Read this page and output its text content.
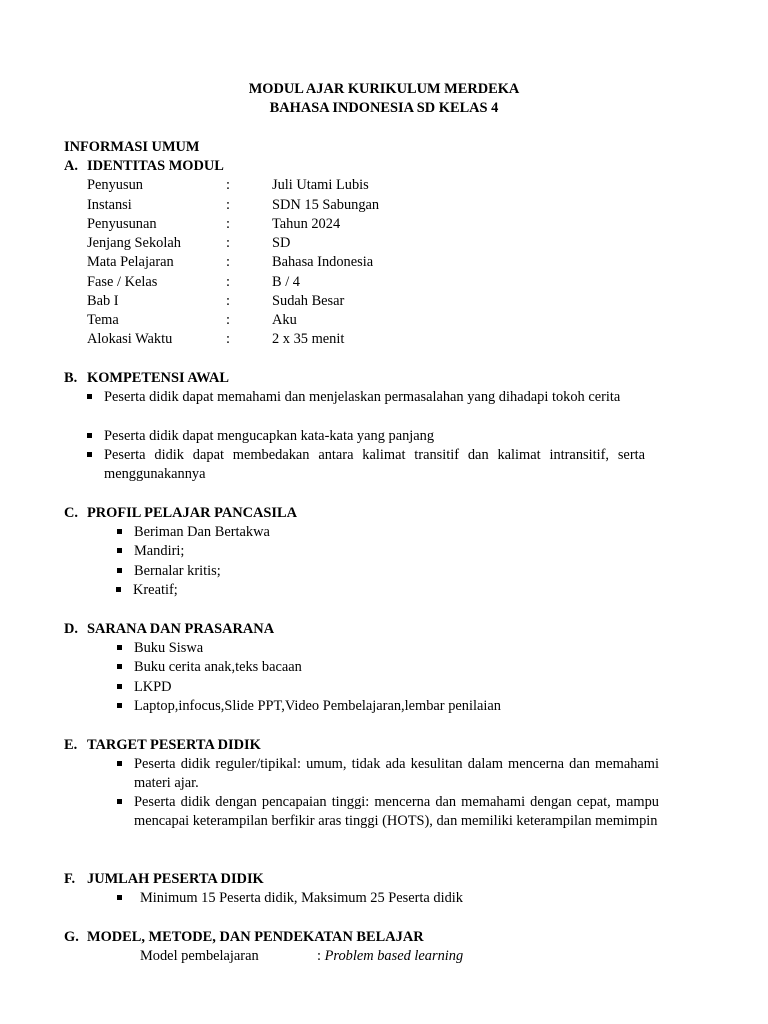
MODUL AJAR KURIKULUM MERDEKA
BAHASA INDONESIA SD KELAS 4
INFORMASI UMUM
A. IDENTITAS MODUL
Penyusun	:	Juli Utami Lubis
Instansi	:	SDN 15 Sabungan
Penyusunan	:	Tahun 2024
Jenjang Sekolah	:	SD
Mata Pelajaran	:	Bahasa Indonesia
Fase / Kelas	:	B / 4
Bab I	:	Sudah Besar
Tema	:	Aku
Alokasi Waktu	:	2 x 35 menit
B. KOMPETENSI AWAL
Peserta didik dapat memahami dan menjelaskan permasalahan yang dihadapi tokoh cerita
Peserta didik dapat mengucapkan kata-kata yang panjang
Peserta didik dapat membedakan antara kalimat transitif dan kalimat intransitif, serta menggunakannya
C. PROFIL PELAJAR PANCASILA
Beriman Dan Bertakwa
Mandiri;
Bernalar kritis;
Kreatif;
D. SARANA DAN PRASARANA
Buku Siswa
Buku cerita anak,teks bacaan
LKPD
Laptop,infocus,Slide PPT,Video Pembelajaran,lembar penilaian
E. TARGET PESERTA DIDIK
Peserta didik reguler/tipikal: umum, tidak ada kesulitan dalam mencerna dan memahami materi ajar.
Peserta didik dengan pencapaian tinggi: mencerna dan memahami dengan cepat, mampu mencapai keterampilan berfikir aras tinggi (HOTS), dan memiliki keterampilan memimpin
F. JUMLAH PESERTA DIDIK
Minimum 15 Peserta didik, Maksimum 25 Peserta didik
G. MODEL, METODE, DAN PENDEKATAN BELAJAR
Model pembelajaran	: Problem based learning
